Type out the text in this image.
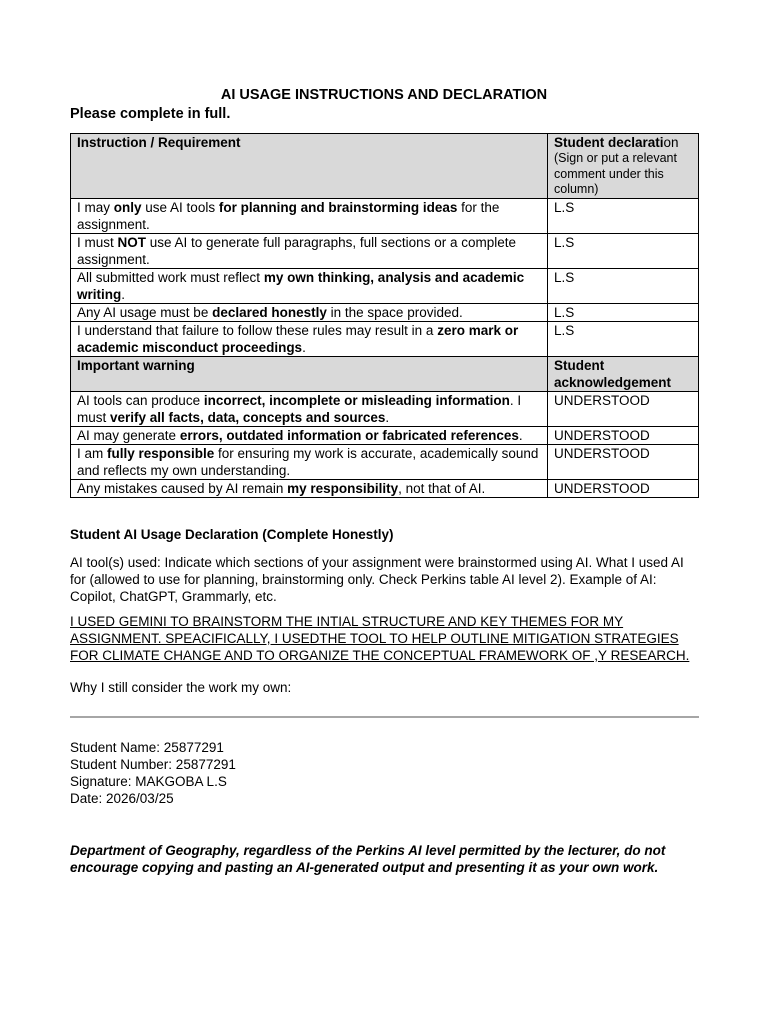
AI USAGE INSTRUCTIONS AND DECLARATION
Please complete in full.
Instruction / Requirement	Student declaration
(Sign or put a relevant comment under this column)

I may only use AI tools for planning and brainstorming ideas for the assignment.	L.S
I must NOT use AI to generate full paragraphs, full sections or a complete assignment.	L.S
All submitted work must reflect my own thinking, analysis and academic writing.	L.S
Any AI usage must be declared honestly in the space provided.	L.S
I understand that failure to follow these rules may result in a zero mark or academic misconduct proceedings.	L.S
Important warning	Student acknowledgement
AI tools can produce incorrect, incomplete or misleading information. I must verify all facts, data, concepts and sources.	UNDERSTOOD
AI may generate errors, outdated information or fabricated references.	UNDERSTOOD
I am fully responsible for ensuring my work is accurate, academically sound and reflects my own understanding.	UNDERSTOOD
Any mistakes caused by AI remain my responsibility, not that of AI.	UNDERSTOOD
Student AI Usage Declaration (Complete Honestly)
AI tool(s) used: Indicate which sections of your assignment were brainstormed using AI. What I used AI for (allowed to use for planning, brainstorming only. Check Perkins table AI level 2). Example of AI: Copilot, ChatGPT, Grammarly, etc.
I USED GEMINI TO BRAINSTORM THE INTIAL STRUCTURE AND KEY THEMES FOR MY ASSIGNMENT. SPEACIFICALLY, I USEDTHE TOOL TO HELP OUTLINE MITIGATION STRATEGIES FOR CLIMATE CHANGE AND TO ORGANIZE THE CONCEPTUAL FRAMEWORK OF ,Y RESEARCH.
Why I still consider the work my own:
Student Name: 25877291
Student Number: 25877291
Signature: MAKGOBA L.S
Date: 2026/03/25
Department of Geography, regardless of the Perkins AI level permitted by the lecturer, do not encourage copying and pasting an AI-generated output and presenting it as your own work.
